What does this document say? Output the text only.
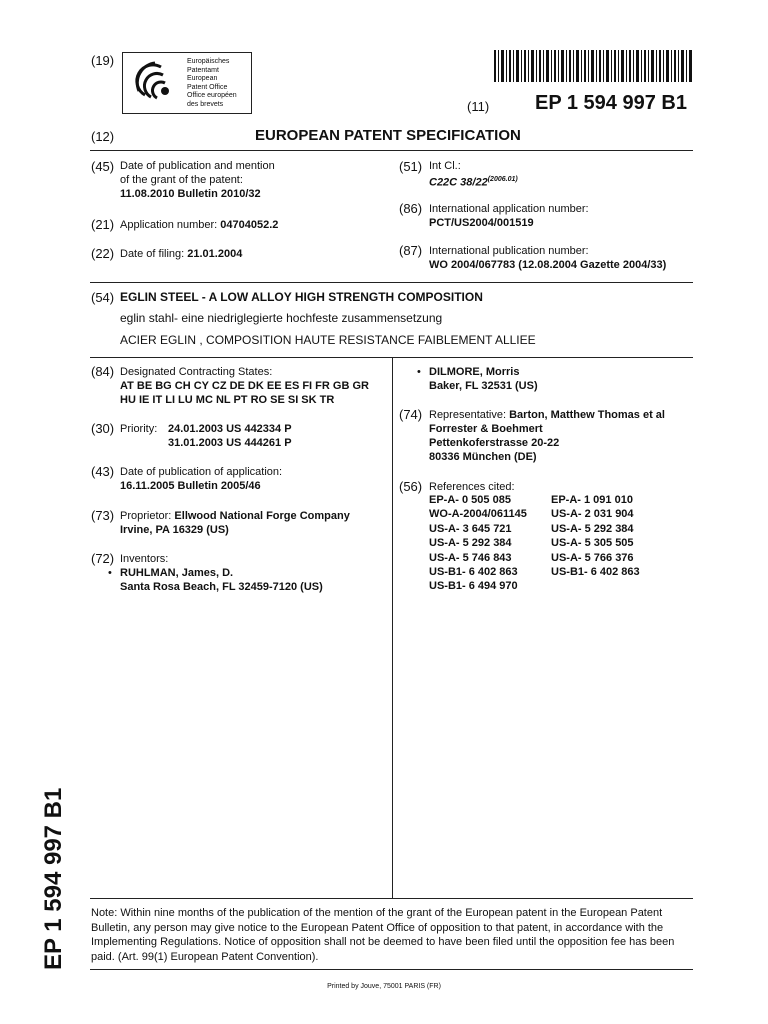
(19)	Europäisches
Patentamt
European
Patent Office
Office européen
des brevets	(11) EP 1 594 997 B1
(12)	EUROPEAN PATENT SPECIFICATION
(45) Date of publication and mention
of the grant of the patent:
11.08.2010 Bulletin 2010/32
(21) Application number: 04704052.2
(22) Date of filing: 21.01.2004
(51) Int Cl.:
C22C $38/22^{(2006.01)}$
(86) International application number:
PCT/US2004/001519
(87) International publication number:
WO 2004/067783 (12.08.2004 Gazette 2004/33)
(54) EGLIN STEEL - A LOW ALLOY HIGH STRENGTH COMPOSITION
eglin stahl- eine niedriglegierte hochfeste zusammensetzung
ACIER EGLIN , COMPOSITION HAUTE RESISTANCE FAIBLEMENT ALLIEE
(84) Designated Contracting States:
AT BE BG CH CY CZ DE DK EE ES FI FR GB GR
HU IE IT LI LU MC NL PT RO SE SI SK TR
(30) Priority: 24.01.2003 US 442334 P
31.01.2003 US 444261 P
(43) Date of publication of application:
16.11.2005 Bulletin 2005/46
(73) Proprietor: Ellwood National Forge Company
Irvine, PA 16329 (US)
(72) Inventors:
• RUHLMAN, James, D.
Santa Rosa Beach, FL 32459-7120 (US)
• DILMORE, Morris
Baker, FL 32531 (US)
(74) Representative: Barton, Matthew Thomas et al
Forrester & Boehmert
Pettenkoferstrasse 20-22
80336 München (DE)
(56) References cited:
EP-A- 0 505 085	EP-A- 1 091 010
WO-A-2004/061145	US-A- 2 031 904
US-A- 3 645 721	US-A- 5 292 384
US-A- 5 292 384	US-A- 5 305 505
US-A- 5 746 843	US-A- 5 766 376
US-B1- 6 402 863	US-B1- 6 402 863
US-B1- 6 494 970
EP 1 594 997 B1 Note: Within nine months of the publication of the mention of the grant of the European patent in the European Patent
Bulletin, any person may give notice to the European Patent Office of opposition to that patent, in accordance with the
Implementing Regulations. Notice of opposition shall not be deemed to have been filed until the opposition fee has been
paid. (Art. 99(1) European Patent Convention).
Printed by Jouve, 75001 PARIS (FR)
